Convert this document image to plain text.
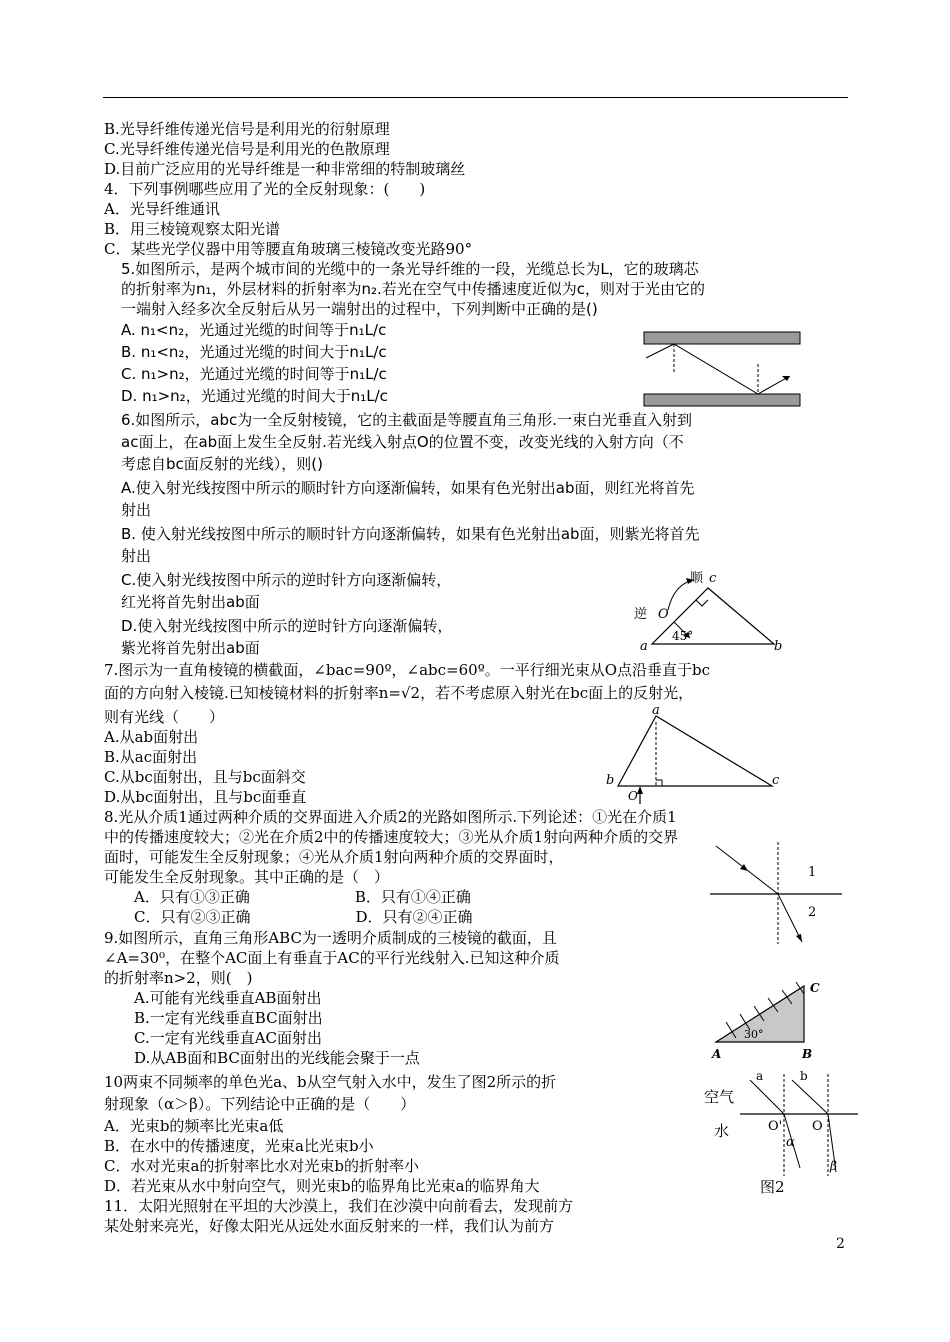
B.光导纤维传递光信号是利用光的衍射原理
C.光导纤维传递光信号是利用光的色散原理
D.目前广泛应用的光导纤维是一种非常细的特制玻璃丝
4．下列事例哪些应用了光的全反射现象：(　　)
A．光导纤维通讯
B．用三棱镜观察太阳光谱
C．某些光学仪器中用等腰直角玻璃三棱镜改变光路90°
5.如图所示，是两个城市间的光缆中的一条光导纤维的一段，光缆总长为L，它的玻璃芯
的折射率为n₁，外层材料的折射率为n₂.若光在空气中传播速度近似为c，则对于光由它的
一端射入经多次全反射后从另一端射出的过程中，下列判断中正确的是()
A. n₁<n₂，光通过光缆的时间等于n₁L/c
B. n₁<n₂，光通过光缆的时间大于n₁L/c
C. n₁>n₂，光通过光缆的时间等于n₁L/c
D. n₁>n₂，光通过光缆的时间大于n₁L/c
6.如图所示，abc为一全反射棱镜，它的主截面是等腰直角三角形.一束白光垂直入射到
ac面上，在ab面上发生全反射.若光线入射点O的位置不变，改变光线的入射方向（不
考虑自bc面反射的光线），则()
A.使入射光线按图中所示的顺时针方向逐渐偏转，如果有色光射出ab面，则红光将首先
射出
B. 使入射光线按图中所示的顺时针方向逐渐偏转，如果有色光射出ab面，则紫光将首先
射出
C.使入射光线按图中所示的逆时针方向逐渐偏转，
红光将首先射出ab面
D.使入射光线按图中所示的逆时针方向逐渐偏转，
紫光将首先射出ab面
7.图示为一直角棱镜的横截面，∠bac=90º，∠abc=60º。一平行细光束从O点沿垂直于bc
面的方向射入棱镜.已知棱镜材料的折射率n=√2，若不考虑原入射光在bc面上的反射光，
则有光线（　　）
A.从ab面射出
B.从ac面射出
C.从bc面射出，且与bc面斜交
D.从bc面射出，且与bc面垂直
8.光从介质1通过两种介质的交界面进入介质2的光路如图所示.下列论述：①光在介质1
中的传播速度较大；②光在介质2中的传播速度较大；③光从介质1射向两种介质的交界
面时，可能发生全反射现象；④光从介质1射向两种介质的交界面时，
可能发生全反射现象。其中正确的是（　）
　　A．只有①③正确　　　　　　　B．只有①④正确
　　C．只有②③正确　　　　　　　D．只有②④正确
9.如图所示，直角三角形ABC为一透明介质制成的三棱镜的截面，且
∠A=30⁰，在整个AC面上有垂直于AC的平行光线射入.已知这种介质
的折射率n>2，则(　)
　　A.可能有光线垂直AB面射出
　　B.一定有光线垂直BC面射出
　　C.一定有光线垂直AC面射出
　　D.从AB面和BC面射出的光线能会聚于一点
10两束不同频率的单色光a、b从空气射入水中，发生了图2所示的折
射现象（α＞β）。下列结论中正确的是（　　）
A．光束b的频率比光束a低
B．在水中的传播速度，光束a比光束b小
C．水对光束a的折射率比水对光束b的折射率小
D．若光束从水中射向空气，则光束b的临界角比光束a的临界角大
11．太阳光照射在平坦的大沙漠上，我们在沙漠中向前看去，发现前方
某处射来亮光，好像太阳光从远处水面反射来的一样，我们认为前方
顺 c
O
逆
45°
a	b
a
b	c
O
1
2
30°
A	B
C
空气
水
a	b
O' O
α
β
图2
2
